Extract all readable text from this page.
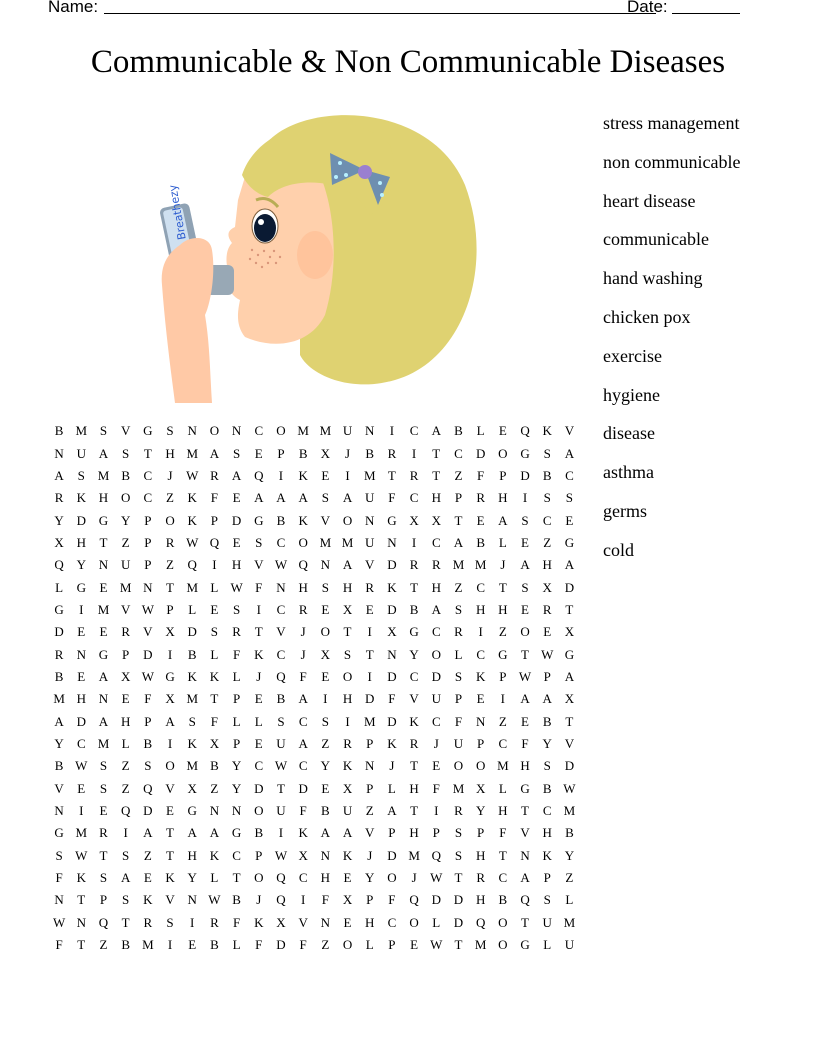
Name:	Date:
Communicable & Non Communicable Diseases
Breathezy
stress management
non communicable
heart disease
communicable
hand washing
chicken pox
exercise
hygiene
disease
asthma
germs
cold
B	M	S	V	G	S	N	O	N	C	O	M	M	U	N	I	C	A	B	L	E	Q	K	V
N	U	A	S	T	H	M	A	S	E	P	B	X	J	B	R	I	T	C	D	O	G	S	A
A	S	M	B	C	J	W	R	A	Q	I	K	E	I	M	T	R	T	Z	F	P	D	B	C
R	K	H	O	C	Z	K	F	E	A	A	A	S	A	U	F	C	H	P	R	H	I	S	S
Y	D	G	Y	P	O	K	P	D	G	B	K	V	O	N	G	X	X	T	E	A	S	C	E
X	H	T	Z	P	R	W	Q	E	S	C	O	M	M	U	N	I	C	A	B	L	E	Z	G
Q	Y	N	U	P	Z	Q	I	H	V	W	Q	N	A	V	D	R	R	M	M	J	A	H	A
L	G	E	M	N	T	M	L	W	F	N	H	S	H	R	K	T	H	Z	C	T	S	X	D
G	I	M	V	W	P	L	E	S	I	C	R	E	X	E	D	B	A	S	H	H	E	R	T
D	E	E	R	V	X	D	S	R	T	V	J	O	T	I	X	G	C	R	I	Z	O	E	X
R	N	G	P	D	I	B	L	F	K	C	J	X	S	T	N	Y	O	L	C	G	T	W	G
B	E	A	X	W	G	K	K	L	J	Q	F	E	O	I	D	C	D	S	K	P	W	P	A
M	H	N	E	F	X	M	T	P	E	B	A	I	H	D	F	V	U	P	E	I	A	A	X
A	D	A	H	P	A	S	F	L	L	S	C	S	I	M	D	K	C	F	N	Z	E	B	T
Y	C	M	L	B	I	K	X	P	E	U	A	Z	R	P	K	R	J	U	P	C	F	Y	V
B	W	S	Z	S	O	M	B	Y	C	W	C	Y	K	N	J	T	E	O	O	M	H	S	D
V	E	S	Z	Q	V	X	Z	Y	D	T	D	E	X	P	L	H	F	M	X	L	G	B	W
N	I	E	Q	D	E	G	N	N	O	U	F	B	U	Z	A	T	I	R	Y	H	T	C	M
G	M	R	I	A	T	A	A	G	B	I	K	A	A	V	P	H	P	S	P	F	V	H	B
S	W	T	S	Z	T	H	K	C	P	W	X	N	K	J	D	M	Q	S	H	T	N	K	Y
F	K	S	A	E	K	Y	L	T	O	Q	C	H	E	Y	O	J	W	T	R	C	A	P	Z
N	T	P	S	K	V	N	W	B	J	Q	I	F	X	P	F	Q	D	D	H	B	Q	S	L
W	N	Q	T	R	S	I	R	F	K	X	V	N	E	H	C	O	L	D	Q	O	T	U	M
F	T	Z	B	M	I	E	B	L	F	D	F	Z	O	L	P	E	W	T	M	O	G	L	U
